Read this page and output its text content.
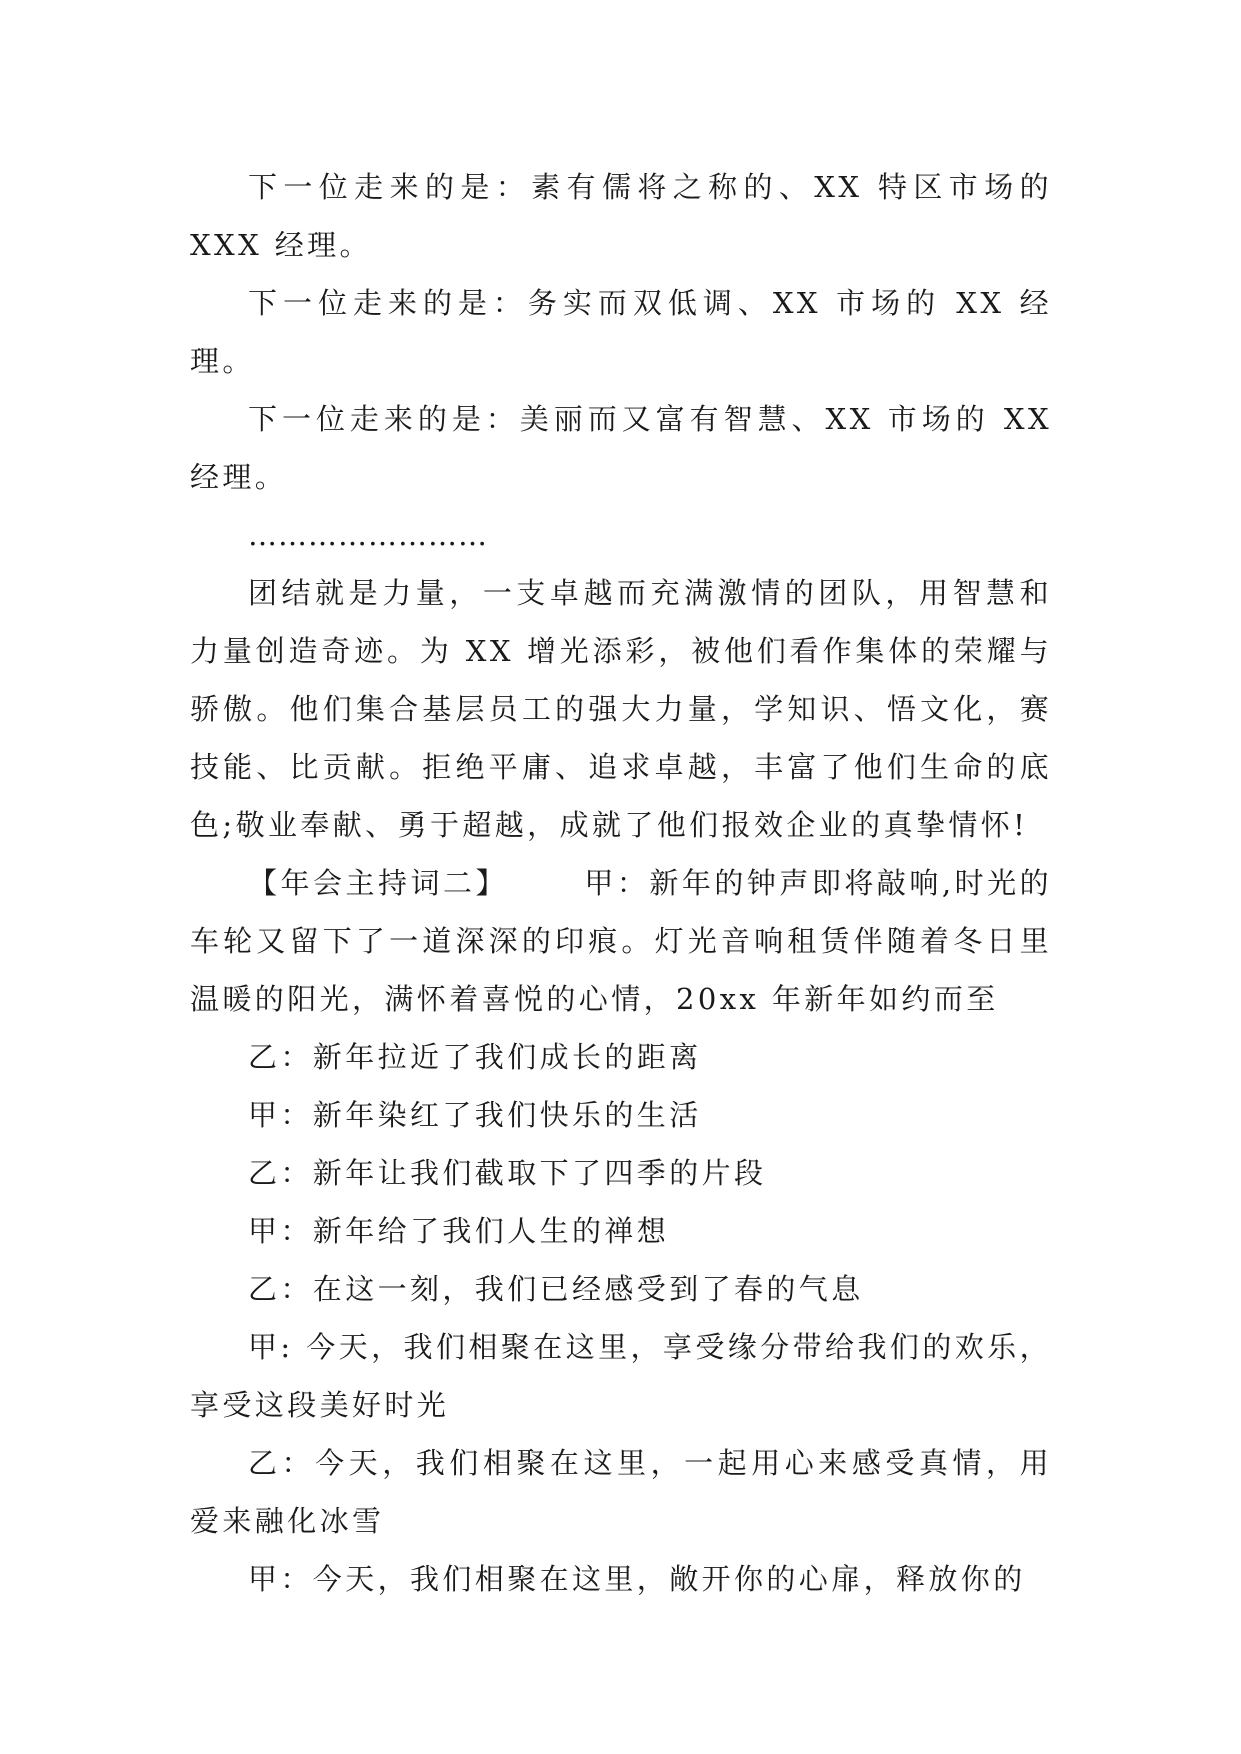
下一位走来的是：素有儒将之称的、XX 特区市场的 XXX 经理。

下一位走来的是：务实而双低调、XX 市场的 XX 经理。

下一位走来的是：美丽而又富有智慧、XX 市场的 XX 经理。

……………………

团结就是力量，一支卓越而充满激情的团队，用智慧和力量创造奇迹。为 XX 增光添彩，被他们看作集体的荣耀与骄傲。他们集合基层员工的强大力量，学知识、悟文化，赛技能、比贡献。拒绝平庸、追求卓越，丰富了他们生命的底色;敬业奉献、勇于超越，成就了他们报效企业的真挚情怀!

【年会主持词二】      甲：新年的钟声即将敲响,时光的车轮又留下了一道深深的印痕。灯光音响租赁伴随着冬日里温暖的阳光，满怀着喜悦的心情，20xx 年新年如约而至

乙：新年拉近了我们成长的距离

甲：新年染红了我们快乐的生活

乙：新年让我们截取下了四季的片段

甲：新年给了我们人生的禅想

乙：在这一刻，我们已经感受到了春的气息

甲: 今天，我们相聚在这里，享受缘分带给我们的欢乐，享受这段美好时光

乙：今天，我们相聚在这里，一起用心来感受真情，用爱来融化冰雪

甲：今天，我们相聚在这里，敞开你的心扉，释放你的
